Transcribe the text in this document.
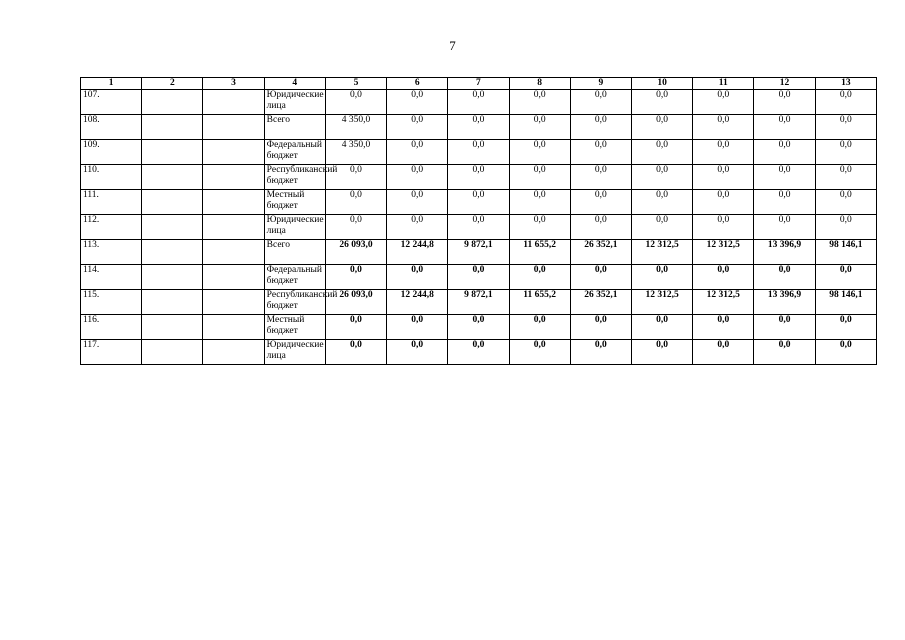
7
1	2	3	4	5	6	7	8	9	10	11	12	13
107.			Юридические лица	0,0	0,0	0,0	0,0	0,0	0,0	0,0	0,0	0,0
108.			Всего	4 350,0	0,0	0,0	0,0	0,0	0,0	0,0	0,0	0,0
109.			Федеральный бюджет	4 350,0	0,0	0,0	0,0	0,0	0,0	0,0	0,0	0,0
110.			Республиканский бюджет	0,0	0,0	0,0	0,0	0,0	0,0	0,0	0,0	0,0
111.			Местный бюджет	0,0	0,0	0,0	0,0	0,0	0,0	0,0	0,0	0,0
112.			Юридические лица	0,0	0,0	0,0	0,0	0,0	0,0	0,0	0,0	0,0
113.			Всего	26 093,0	12 244,8	9 872,1	11 655,2	26 352,1	12 312,5	12 312,5	13 396,9	98 146,1
114.			Федеральный бюджет	0,0	0,0	0,0	0,0	0,0	0,0	0,0	0,0	0,0
115.			Республиканский бюджет	26 093,0	12 244,8	9 872,1	11 655,2	26 352,1	12 312,5	12 312,5	13 396,9	98 146,1
116.			Местный бюджет	0,0	0,0	0,0	0,0	0,0	0,0	0,0	0,0	0,0
117.			Юридические лица	0,0	0,0	0,0	0,0	0,0	0,0	0,0	0,0	0,0
